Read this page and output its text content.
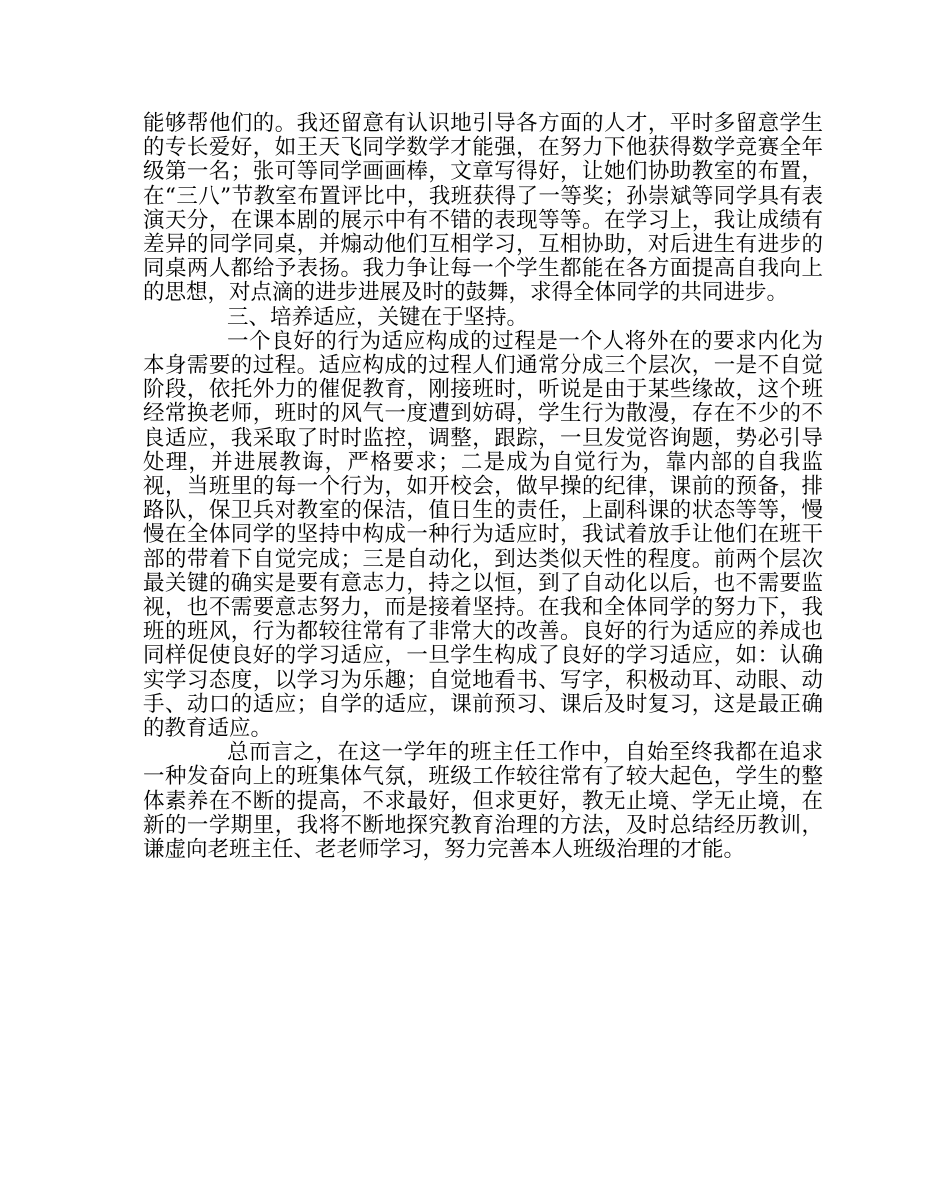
能够帮他们的。我还留意有认识地引导各方面的人才，平时多留意学生的专长爱好，如王天飞同学数学才能强，在努力下他获得数学竞赛全年级第一名；张可等同学画画棒，文章写得好，让她们协助教室的布置，在“三八”节教室布置评比中，我班获得了一等奖；孙崇斌等同学具有表演天分，在课本剧的展示中有不错的表现等等。在学习上，我让成绩有差异的同学同桌，并煽动他们互相学习，互相协助，对后进生有进步的同桌两人都给予表扬。我力争让每一个学生都能在各方面提高自我向上的思想，对点滴的进步进展及时的鼓舞，求得全体同学的共同进步。

三、培养适应，关键在于坚持。

一个良好的行为适应构成的过程是一个人将外在的要求内化为本身需要的过程。适应构成的过程人们通常分成三个层次，一是不自觉阶段，依托外力的催促教育，刚接班时，听说是由于某些缘故，这个班经常换老师，班时的风气一度遭到妨碍，学生行为散漫，存在不少的不良适应，我采取了时时监控，调整，跟踪，一旦发觉咨询题，势必引导处理，并进展教诲，严格要求；二是成为自觉行为，靠内部的自我监视，当班里的每一个行为，如开校会，做早操的纪律，课前的预备，排路队，保卫兵对教室的保洁，值日生的责任，上副科课的状态等等，慢慢在全体同学的坚持中构成一种行为适应时，我试着放手让他们在班干部的带着下自觉完成；三是自动化，到达类似天性的程度。前两个层次最关键的确实是要有意志力，持之以恒，到了自动化以后，也不需要监视，也不需要意志努力，而是接着坚持。在我和全体同学的努力下，我班的班风，行为都较往常有了非常大的改善。良好的行为适应的养成也同样促使良好的学习适应，一旦学生构成了良好的学习适应，如：认确实学习态度，以学习为乐趣；自觉地看书、写字，积极动耳、动眼、动手、动口的适应；自学的适应，课前预习、课后及时复习，这是最正确的教育适应。

总而言之，在这一学年的班主任工作中，自始至终我都在追求一种发奋向上的班集体气氛，班级工作较往常有了较大起色，学生的整体素养在不断的提高，不求最好，但求更好，教无止境、学无止境，在新的一学期里，我将不断地探究教育治理的方法，及时总结经历教训，谦虚向老班主任、老老师学习，努力完善本人班级治理的才能。
